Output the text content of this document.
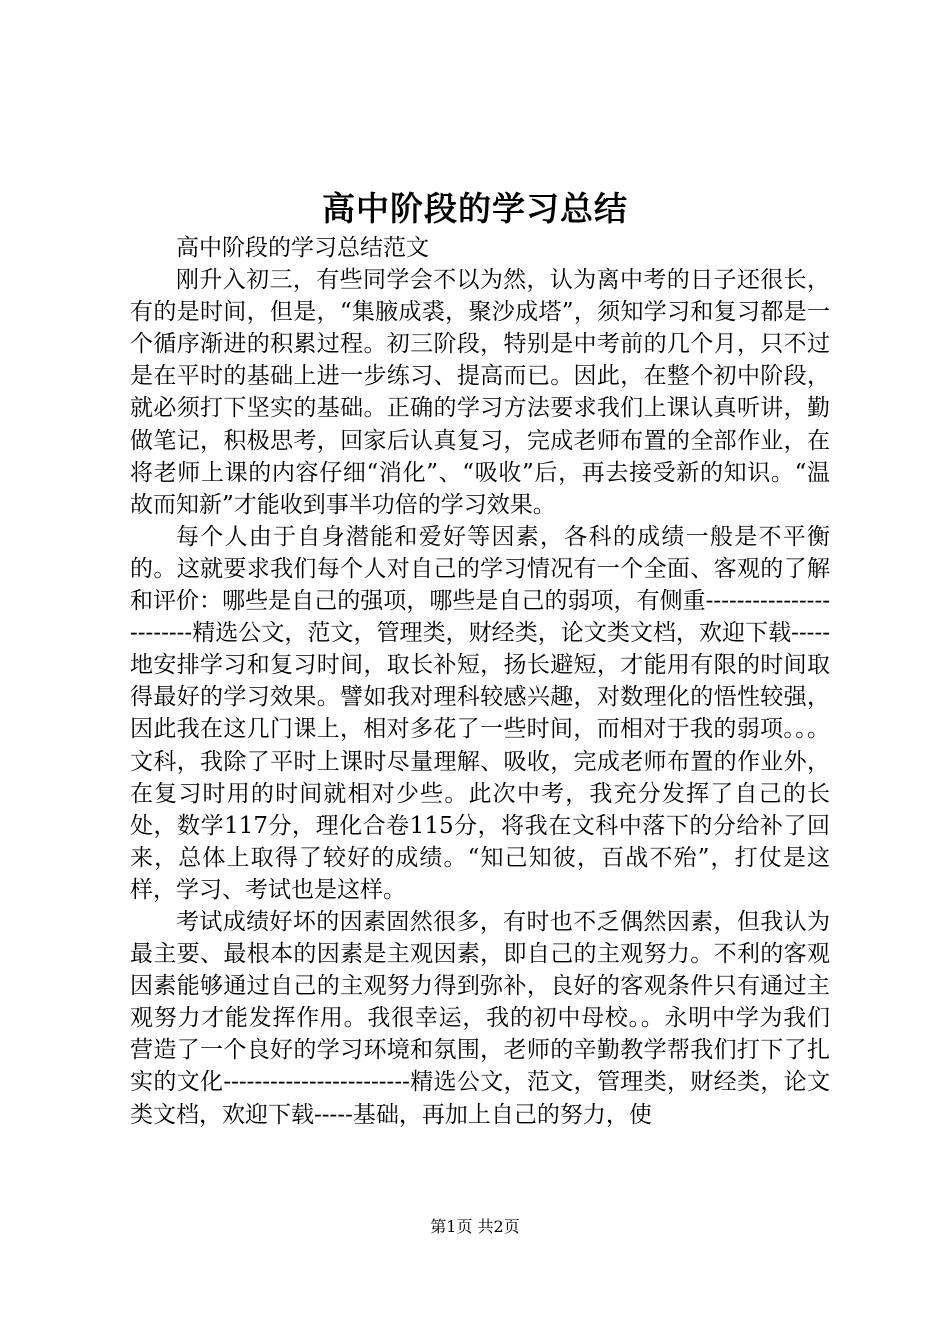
高中阶段的学习总结

高中阶段的学习总结范文

刚升入初三，有些同学会不以为然，认为离中考的日子还很长，有的是时间，但是，“集腋成裘，聚沙成塔”，须知学习和复习都是一个循序渐进的积累过程。初三阶段，特别是中考前的几个月，只不过是在平时的基础上进一步练习、提高而已。因此，在整个初中阶段，就必须打下坚实的基础。正确的学习方法要求我们上课认真听讲，勤做笔记，积极思考，回家后认真复习，完成老师布置的全部作业，在将老师上课的内容仔细“消化”、“吸收”后，再去接受新的知识。“温故而知新”才能收到事半功倍的学习效果。

每个人由于自身潜能和爱好等因素，各科的成绩一般是不平衡的。这就要求我们每个人对自己的学习情况有一个全面、客观的了解和评价：哪些是自己的强项，哪些是自己的弱项，有侧重------------------------精选公文，范文，管理类，财经类，论文类文档，欢迎下载-----地安排学习和复习时间，取长补短，扬长避短，才能用有限的时间取得最好的学习效果。譬如我对理科较感兴趣，对数理化的悟性较强，因此我在这几门课上，相对多花了一些时间，而相对于我的弱项。。。文科，我除了平时上课时尽量理解、吸收，完成老师布置的作业外，在复习时用的时间就相对少些。此次中考，我充分发挥了自己的长处，数学117分，理化合卷115分，将我在文科中落下的分给补了回来，总体上取得了较好的成绩。“知己知彼，百战不殆”，打仗是这样，学习、考试也是这样。

考试成绩好坏的因素固然很多，有时也不乏偶然因素，但我认为最主要、最根本的因素是主观因素，即自己的主观努力。不利的客观因素能够通过自己的主观努力得到弥补，良好的客观条件只有通过主观努力才能发挥作用。我很幸运，我的初中母校。。永明中学为我们营造了一个良好的学习环境和氛围，老师的辛勤教学帮我们打下了扎实的文化------------------------精选公文，范文，管理类，财经类，论文类文档，欢迎下载-----基础，再加上自己的努力，使

第1页 共2页
